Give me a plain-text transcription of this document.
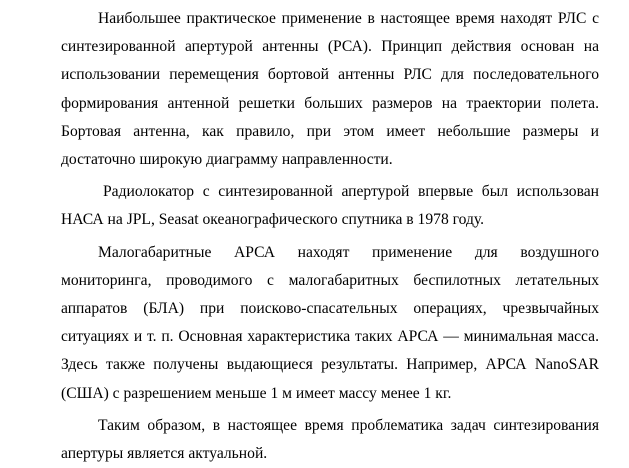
Наибольшее практическое применение в настоящее время находят РЛС с синтезированной апертурой антенны (РСА). Принцип действия основан на использовании перемещения бортовой антенны РЛС для последовательного формирования антенной решетки больших размеров на траектории полета. Бортовая антенна, как правило, при этом имеет небольшие размеры и достаточно широкую диаграмму направленности.

Радиолокатор с синтезированной апертурой впервые был использован НАСА на JPL, Seasat океанографического спутника в 1978 году.

Малогабаритные АРСА находят применение для воздушного мониторинга, проводимого с малогабаритных беспилотных летательных аппаратов (БЛА) при поисково-спасательных операциях, чрезвычайных ситуациях и т. п. Основная характеристика таких АРСА — минимальная масса. Здесь также получены выдающиеся результаты. Например, АРСА NanoSAR (США) с разрешением меньше 1 м имеет массу менее 1 кг.

Таким образом, в настоящее время проблематика задач синтезирования апертуры является актуальной.
